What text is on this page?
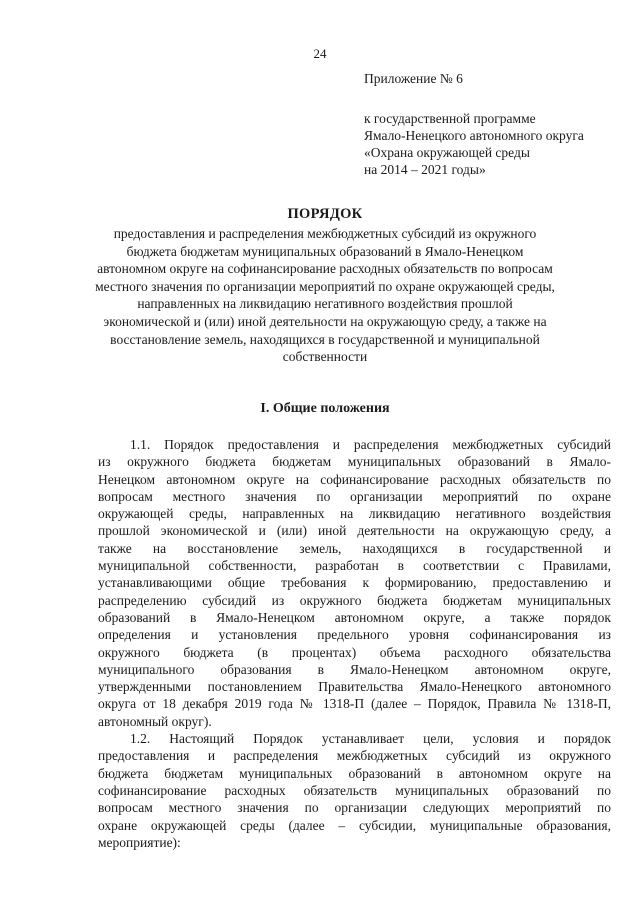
24

Приложение № 6

к государственной программе

Ямало-Ненецкого автономного округа

«Охрана окружающей среды

на 2014 – 2021 годы»

ПОРЯДОК
предоставления и распределения межбюджетных субсидий из окружного
бюджета бюджетам муниципальных образований в Ямало-Ненецком
автономном округе на софинансирование расходных обязательств по вопросам
местного значения по организации мероприятий по охране окружающей среды,
направленных на ликвидацию негативного воздействия прошлой
экономической и (или) иной деятельности на окружающую среду, а также на
восстановление земель, находящихся в государственной и муниципальной
собственности
I. Общие положения
1.1. Порядок предоставления и распределения межбюджетных субсидий
из окружного бюджета бюджетам муниципальных образований в Ямало-
Ненецком автономном округе на софинансирование расходных обязательств по
вопросам местного значения по организации мероприятий по охране
окружающей среды, направленных на ликвидацию негативного воздействия
прошлой экономической и (или) иной деятельности на окружающую среду, а
также на восстановление земель, находящихся в государственной и
муниципальной собственности, разработан в соответствии с Правилами,
устанавливающими общие требования к формированию, предоставлению и
распределению субсидий из окружного бюджета бюджетам муниципальных
образований в Ямало-Ненецком автономном округе, а также порядок
определения и установления предельного уровня софинансирования из
окружного бюджета (в процентах) объема расходного обязательства
муниципального образования в Ямало-Ненецком автономном округе,
утвержденными постановлением Правительства Ямало-Ненецкого автономного
округа от 18 декабря 2019 года № 1318-П (далее – Порядок, Правила № 1318-П,
автономный округ).
1.2. Настоящий Порядок устанавливает цели, условия и порядок
предоставления и распределения межбюджетных субсидий из окружного
бюджета бюджетам муниципальных образований в автономном округе на
софинансирование расходных обязательств муниципальных образований по
вопросам местного значения по организации следующих мероприятий по
охране окружающей среды (далее – субсидии, муниципальные образования,
мероприятие):
